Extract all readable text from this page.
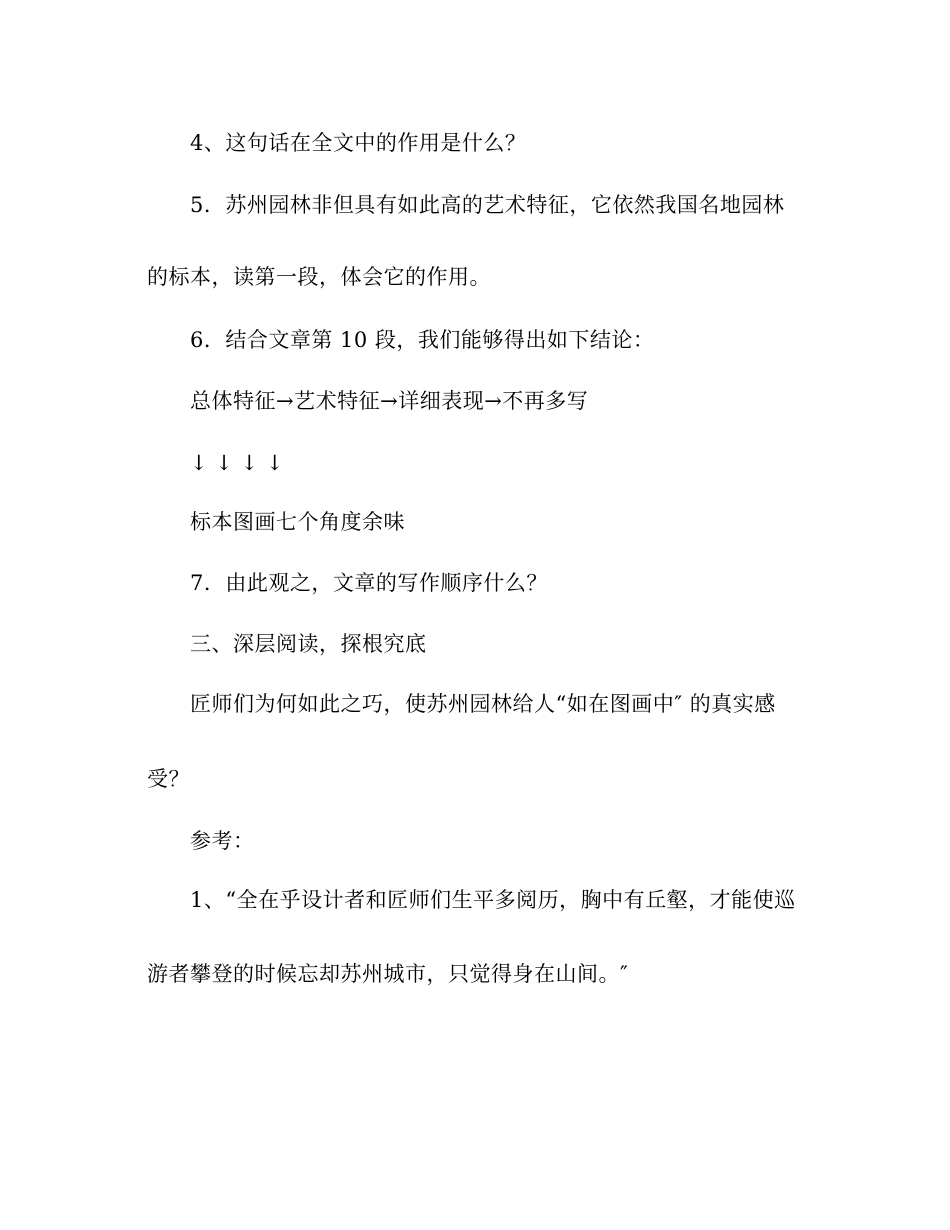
4、这句话在全文中的作用是什么？
5．苏州园林非但具有如此高的艺术特征，它依然我国名地园林
的标本，读第一段，体会它的作用。
6．结合文章第 10 段，我们能够得出如下结论：
总体特征→艺术特征→详细表现→不再多写
↓ ↓ ↓ ↓
标本图画七个角度余味
7．由此观之，文章的写作顺序什么？
三、深层阅读，探根究底
匠师们为何如此之巧，使苏州园林给人“如在图画中″ 的真实感
受？
参考：
1、“全在乎设计者和匠师们生平多阅历，胸中有丘壑，才能使巡
游者攀登的时候忘却苏州城市，只觉得身在山间。″
